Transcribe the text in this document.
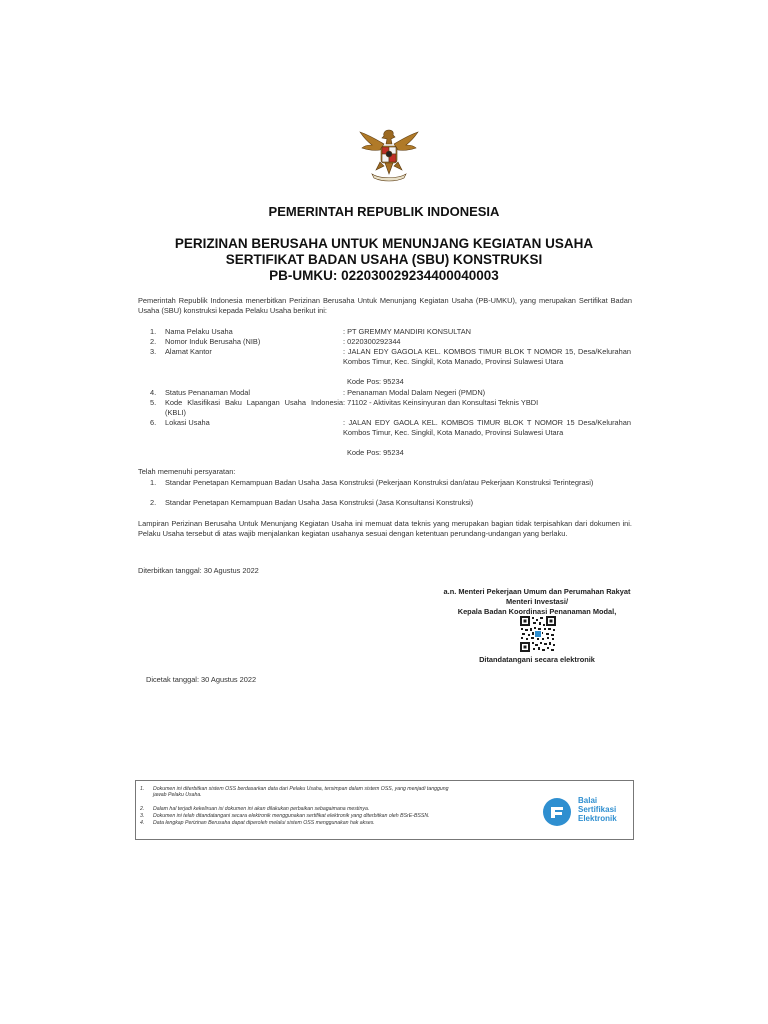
PEMERINTAH REPUBLIK INDONESIA
PERIZINAN BERUSAHA UNTUK MENUNJANG KEGIATAN USAHA
SERTIFIKAT BADAN USAHA (SBU) KONSTRUKSI
PB-UMKU: 022030029234400040003
Pemerintah Republik Indonesia menerbitkan Perizinan Berusaha Untuk Menunjang Kegiatan Usaha (PB-UMKU), yang merupakan Sertifikat Badan Usaha (SBU) konstruksi kepada Pelaku Usaha berikut ini:
1. Nama Pelaku Usaha	: PT GREMMY MANDIRI KONSULTAN
2. Nomor Induk Berusaha (NIB)	: 0220300292344
3. Alamat Kantor	: JALAN EDY GAGOLA KEL. KOMBOS TIMUR BLOK T NOMOR 15, Desa/Kelurahan Kombos Timur, Kec. Singkil, Kota Manado, Provinsi Sulawesi Utara
Kode Pos: 95234
4. Status Penanaman Modal	: Penanaman Modal Dalam Negeri (PMDN)
5. Kode Klasifikasi Baku Lapangan Usaha Indonesia (KBLI)
: 71102 - Aktivitas Keinsinyuran dan Konsultasi Teknis YBDI
6. Lokasi Usaha	: JALAN EDY GAOLA KEL. KOMBOS TIMUR BLOK T NOMOR 15 Desa/Kelurahan Kombos Timur, Kec. Singkil, Kota Manado, Provinsi Sulawesi Utara
Kode Pos: 95234
Telah memenuhi persyaratan:
1. Standar Penetapan Kemampuan Badan Usaha Jasa Konstruksi (Pekerjaan Konstruksi dan/atau Pekerjaan Konstruksi Terintegrasi)
2. Standar Penetapan Kemampuan Badan Usaha Jasa Konstruksi (Jasa Konsultansi Konstruksi)
Lampiran Perizinan Berusaha Untuk Menunjang Kegiatan Usaha ini memuat data teknis yang merupakan bagian tidak terpisahkan dari dokumen ini. Pelaku Usaha tersebut di atas wajib menjalankan kegiatan usahanya sesuai dengan ketentuan perundang-undangan yang berlaku.
Diterbitkan tanggal: 30 Agustus 2022
a.n. Menteri Pekerjaan Umum dan Perumahan Rakyat
Menteri Investasi/
Kepala Badan Koordinasi Penanaman Modal,
Ditandatangani secara elektronik
Dicetak tanggal: 30 Agustus 2022
1. Dokumen ini diterbitkan sistem OSS berdasarkan data dari Pelaku Usaha, tersimpan dalam sistem OSS, yang menjadi tanggung jawab Pelaku Usaha.
2. Dalam hal terjadi kekeliruan isi dokumen ini akan dilakukan perbaikan sebagaimana mestinya.
3. Dokumen ini telah ditandatangani secara elektronik menggunakan sertifikat elektronik yang diterbitkan oleh BSrE-BSSN.
4. Data lengkap Perizinan Berusaha dapat diperoleh melalui sistem OSS menggunakan hak akses.
Balai
Sertifikasi
Elektronik
